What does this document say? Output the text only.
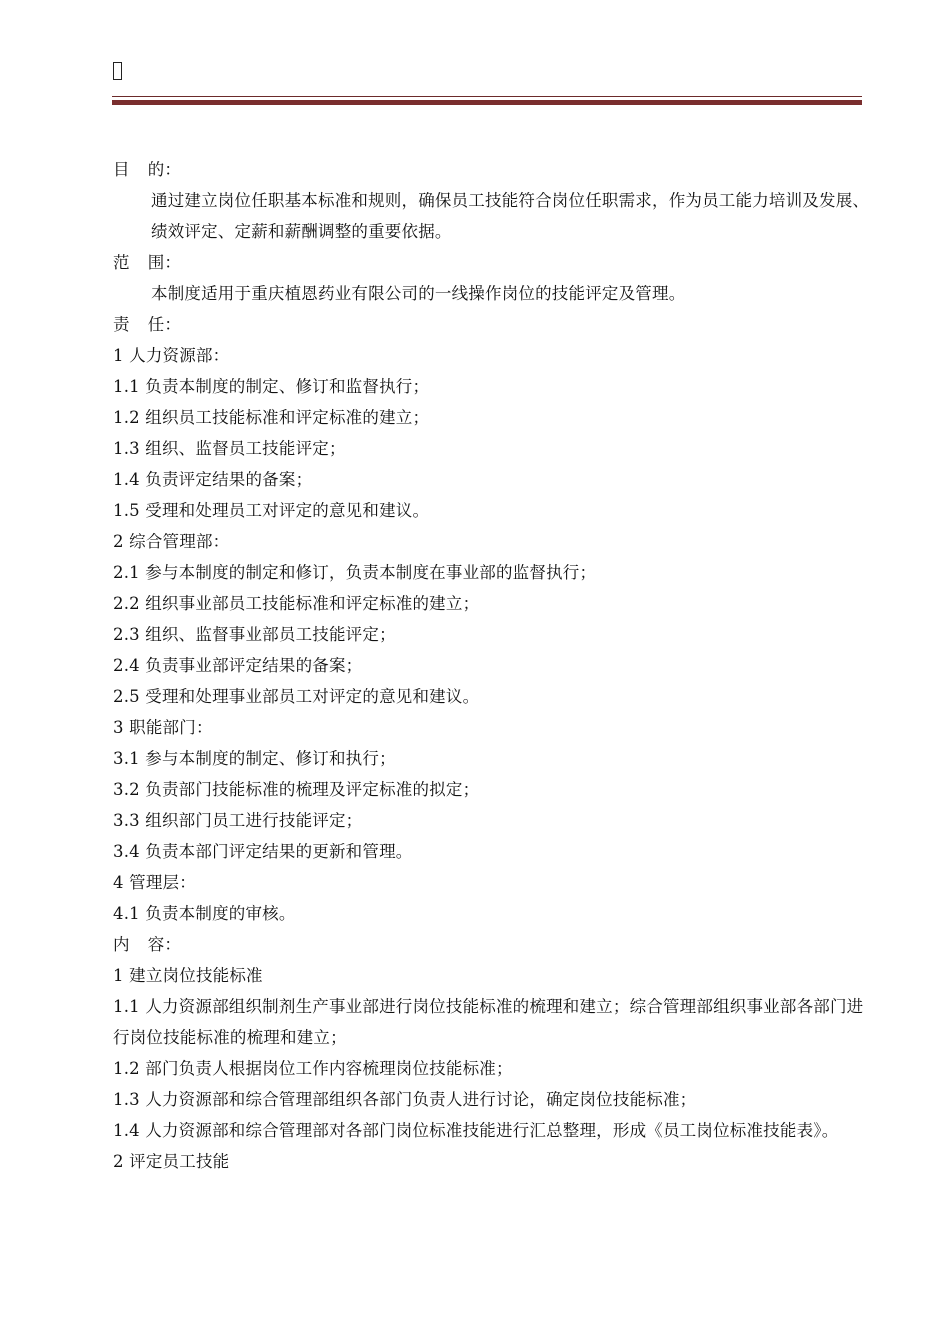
目 的：
通过建立岗位任职基本标准和规则，确保员工技能符合岗位任职需求，作为员工能力培训及发展、绩效评定、定薪和薪酬调整的重要依据。
范 围：
本制度适用于重庆植恩药业有限公司的一线操作岗位的技能评定及管理。
责 任：
1 人力资源部：
1.1 负责本制度的制定、修订和监督执行；
1.2 组织员工技能标准和评定标准的建立；
1.3 组织、监督员工技能评定；
1.4 负责评定结果的备案；
1.5 受理和处理员工对评定的意见和建议。
2 综合管理部：
2.1 参与本制度的制定和修订，负责本制度在事业部的监督执行；
2.2 组织事业部员工技能标准和评定标准的建立；
2.3 组织、监督事业部员工技能评定；
2.4 负责事业部评定结果的备案；
2.5 受理和处理事业部员工对评定的意见和建议。
3 职能部门：
3.1 参与本制度的制定、修订和执行；
3.2 负责部门技能标准的梳理及评定标准的拟定；
3.3 组织部门员工进行技能评定；
3.4 负责本部门评定结果的更新和管理。
4 管理层：
4.1 负责本制度的审核。
内 容：
1 建立岗位技能标准
1.1 人力资源部组织制剂生产事业部进行岗位技能标准的梳理和建立；综合管理部组织事业部各部门进行岗位技能标准的梳理和建立；
1.2 部门负责人根据岗位工作内容梳理岗位技能标准；
1.3 人力资源部和综合管理部组织各部门负责人进行讨论，确定岗位技能标准；
1.4 人力资源部和综合管理部对各部门岗位标准技能进行汇总整理，形成《员工岗位标准技能表》。
2 评定员工技能
